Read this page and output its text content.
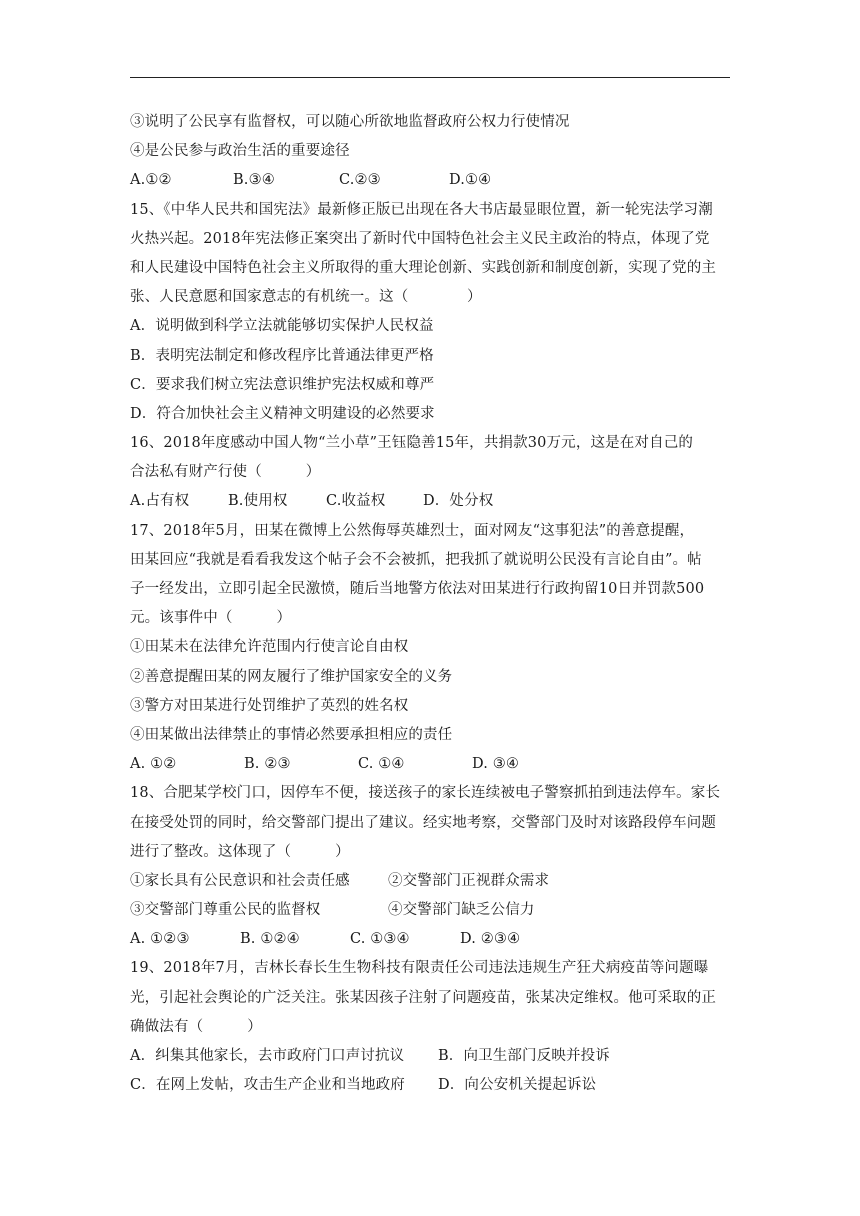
③说明了公民享有监督权，可以随心所欲地监督政府公权力行使情况
④是公民参与政治生活的重要途径
A.①②	B.③④	C.②③	D.①④
15、《中华人民共和国宪法》最新修正版已出现在各大书店最显眼位置，新一轮宪法学习潮
火热兴起。2018年宪法修正案突出了新时代中国特色社会主义民主政治的特点，体现了党
和人民建设中国特色社会主义所取得的重大理论创新、实践创新和制度创新，实现了党的主
张、人民意愿和国家意志的有机统一。这（　　　　）
A．说明做到科学立法就能够切实保护人民权益
B．表明宪法制定和修改程序比普通法律更严格
C．要求我们树立宪法意识维护宪法权威和尊严
D．符合加快社会主义精神文明建设的必然要求
16、2018年度感动中国人物“兰小草”王钰隐善15年，共捐款30万元，这是在对自己的
合法私有财产行使（　　　）
A.占有权	B.使用权	C.收益权	D．处分权
17、2018年5月，田某在微博上公然侮辱英雄烈士，面对网友“这事犯法”的善意提醒，
田某回应“我就是看看我发这个帖子会不会被抓，把我抓了就说明公民没有言论自由”。帖
子一经发出，立即引起全民激愤，随后当地警方依法对田某进行行政拘留10日并罚款500
元。该事件中（　　　）
①田某未在法律允许范围内行使言论自由权
②善意提醒田某的网友履行了维护国家安全的义务
③警方对田某进行处罚维护了英烈的姓名权
④田某做出法律禁止的事情必然要承担相应的责任
A. ①②	B. ②③	C. ①④	D. ③④
18、合肥某学校门口，因停车不便，接送孩子的家长连续被电子警察抓拍到违法停车。家长
在接受处罚的同时，给交警部门提出了建议。经实地考察，交警部门及时对该路段停车问题
进行了整改。这体现了（　　　）
①家长具有公民意识和社会责任感	②交警部门正视群众需求
③交警部门尊重公民的监督权	④交警部门缺乏公信力
A. ①②③	B. ①②④	C. ①③④	D. ②③④
19、2018年7月，吉林长春长生生物科技有限责任公司违法违规生产狂犬病疫苗等问题曝
光，引起社会舆论的广泛关注。张某因孩子注射了问题疫苗，张某决定维权。他可采取的正
确做法有（　　　）
A．纠集其他家长，去市政府门口声讨抗议	B．向卫生部门反映并投诉
C．在网上发帖，攻击生产企业和当地政府	D．向公安机关提起诉讼
